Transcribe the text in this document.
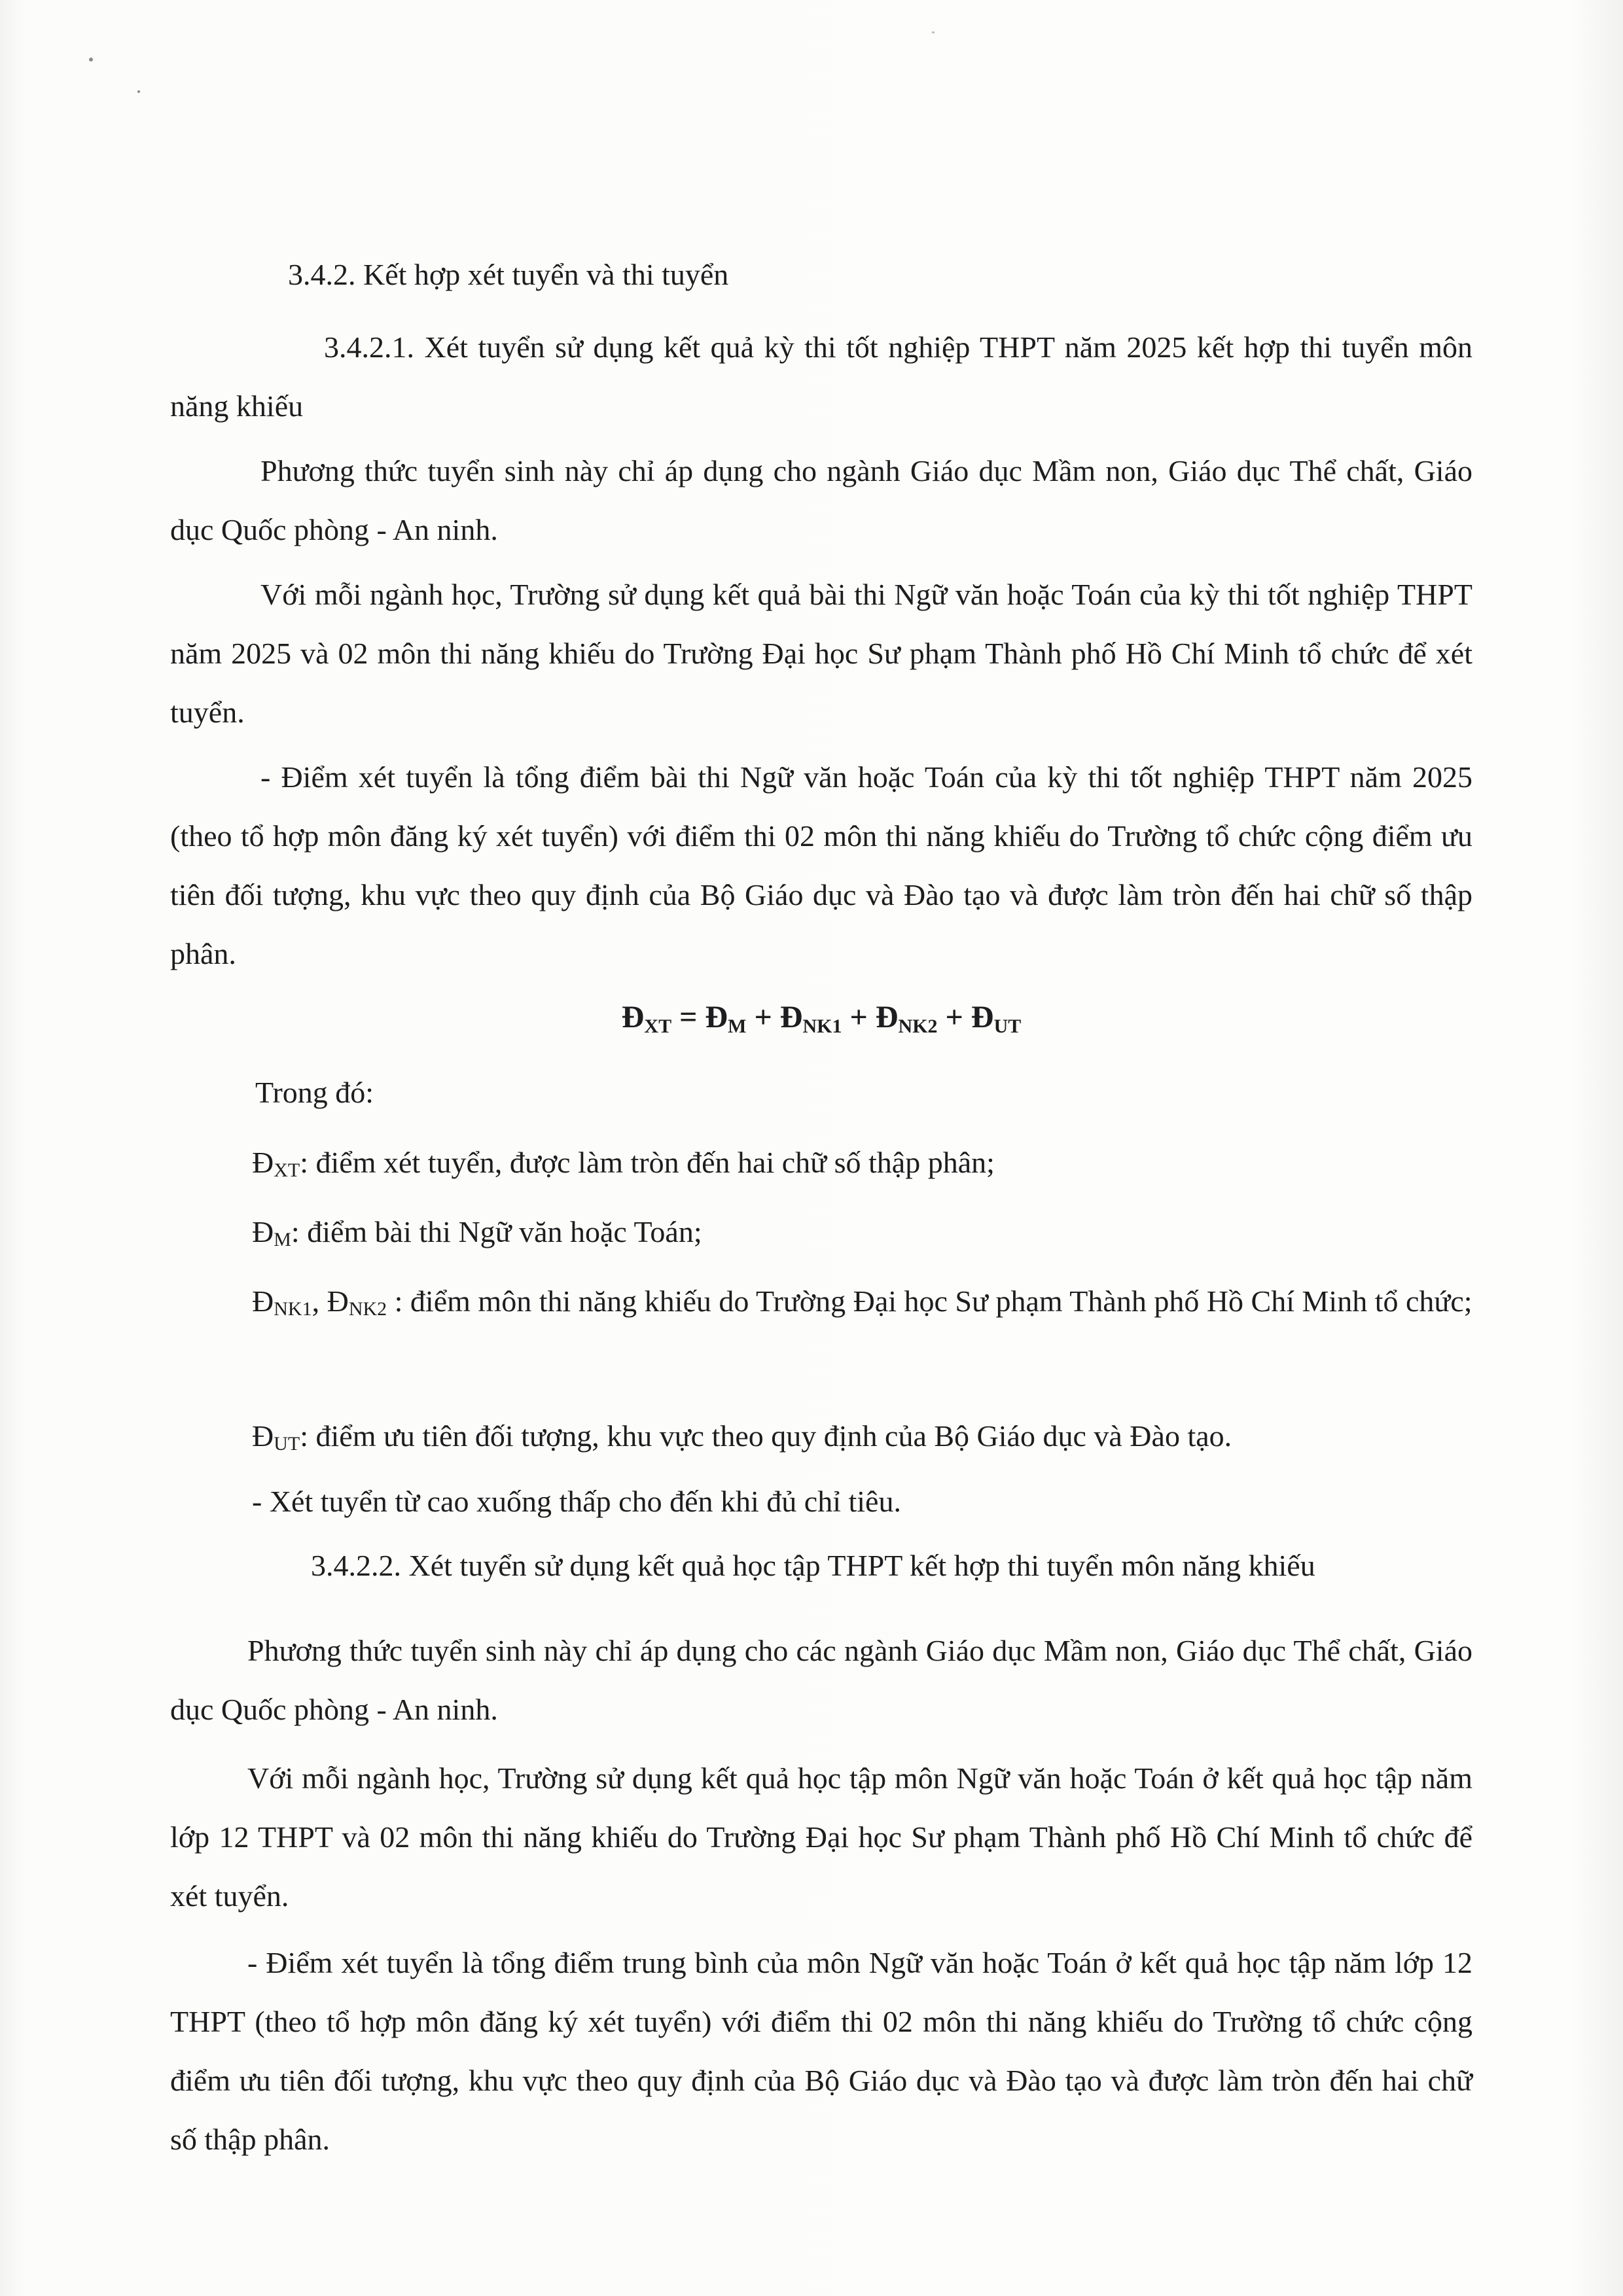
3.4.2. Kết hợp xét tuyển và thi tuyển

3.4.2.1. Xét tuyển sử dụng kết quả kỳ thi tốt nghiệp THPT năm 2025 kết hợp thi tuyển môn năng khiếu

Phương thức tuyển sinh này chỉ áp dụng cho ngành Giáo dục Mầm non, Giáo dục Thể chất, Giáo dục Quốc phòng - An ninh.

Với mỗi ngành học, Trường sử dụng kết quả bài thi Ngữ văn hoặc Toán của kỳ thi tốt nghiệp THPT năm 2025 và 02 môn thi năng khiếu do Trường Đại học Sư phạm Thành phố Hồ Chí Minh tổ chức để xét tuyển.

- Điểm xét tuyển là tổng điểm bài thi Ngữ văn hoặc Toán của kỳ thi tốt nghiệp THPT năm 2025 (theo tổ hợp môn đăng ký xét tuyển) với điểm thi 02 môn thi năng khiếu do Trường tổ chức cộng điểm ưu tiên đối tượng, khu vực theo quy định của Bộ Giáo dục và Đào tạo và được làm tròn đến hai chữ số thập phân.

$Đ_{XT}$ = $Đ_M$ + $Đ_{NK1}$ + $Đ_{NK2}$ + $Đ_{UT}$

Trong đó:

ĐXT: điểm xét tuyển, được làm tròn đến hai chữ số thập phân;

ĐM: điểm bài thi Ngữ văn hoặc Toán;

ĐNK1, ĐNK2 : điểm môn thi năng khiếu do Trường Đại học Sư phạm Thành phố Hồ Chí Minh tổ chức;

ĐUT: điểm ưu tiên đối tượng, khu vực theo quy định của Bộ Giáo dục và Đào tạo.

- Xét tuyển từ cao xuống thấp cho đến khi đủ chỉ tiêu.

3.4.2.2. Xét tuyển sử dụng kết quả học tập THPT kết hợp thi tuyển môn năng khiếu

Phương thức tuyển sinh này chỉ áp dụng cho các ngành Giáo dục Mầm non, Giáo dục Thể chất, Giáo dục Quốc phòng - An ninh.

Với mỗi ngành học, Trường sử dụng kết quả học tập môn Ngữ văn hoặc Toán ở kết quả học tập năm lớp 12 THPT và 02 môn thi năng khiếu do Trường Đại học Sư phạm Thành phố Hồ Chí Minh tổ chức để xét tuyển.

- Điểm xét tuyển là tổng điểm trung bình của môn Ngữ văn hoặc Toán ở kết quả học tập năm lớp 12 THPT (theo tổ hợp môn đăng ký xét tuyển) với điểm thi 02 môn thi năng khiếu do Trường tổ chức cộng điểm ưu tiên đối tượng, khu vực theo quy định của Bộ Giáo dục và Đào tạo và được làm tròn đến hai chữ số thập phân.
